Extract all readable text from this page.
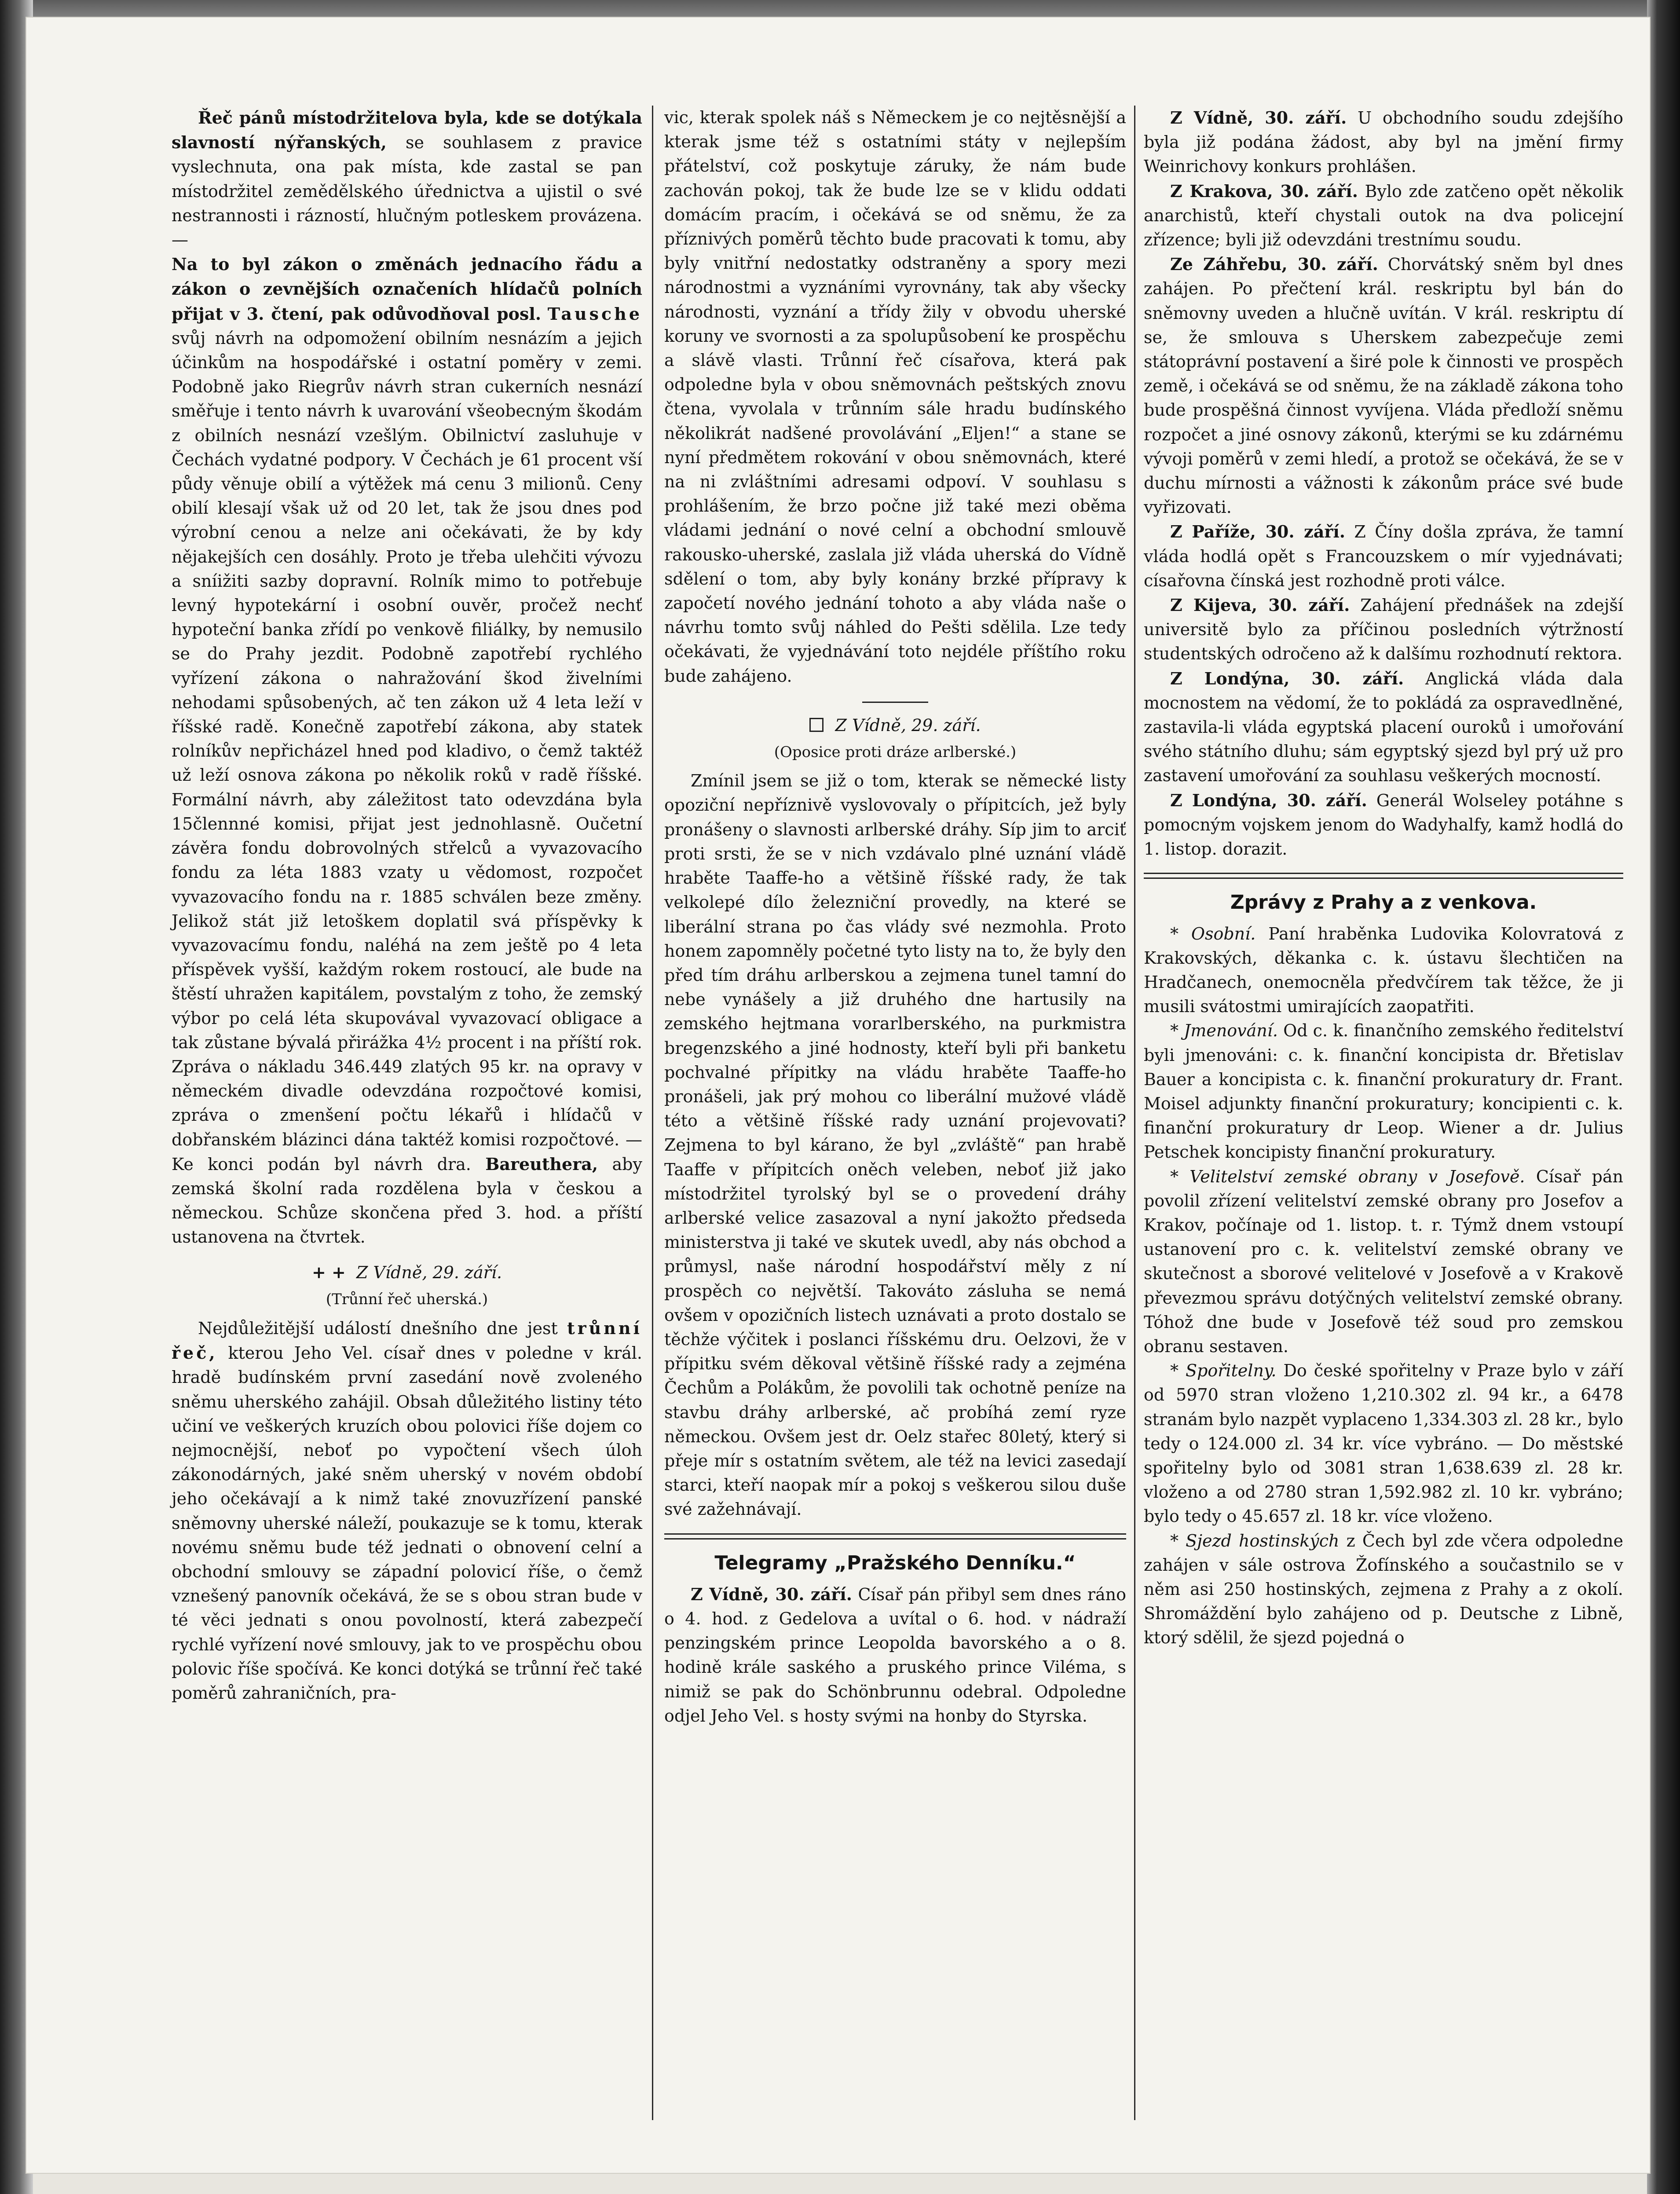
Řeč pánů místodržitelova byla, kde se dotýkala slavností nýřanských, se souhlasem z pravice vyslechnuta, ona pak místa, kde zastal se pan místodržitel zemědělského úřednictva a ujistil o své nestrannosti i rázností, hlučným potleskem provázena. —

Na to byl zákon o změnách jednacího řádu a zákon o zevnějších označeních hlídačů polních přijat v 3. čtení, pak odůvodňoval posl. Tausche svůj návrh na odpomožení obilním nesnázím a jejich účinkům na hospodářské i ostatní poměry v zemi. Podobně jako Riegrův návrh stran cukerních nesnází směřuje i tento návrh k uvarování všeobecným škodám z obilních nesnází vzešlým. Obilnictví zasluhuje v Čechách vydatné podpory. V Čechách je 61 procent vší půdy věnuje obilí a výtěžek má cenu 3 milionů. Ceny obilí klesají však už od 20 let, tak že jsou dnes pod výrobní cenou a nelze ani očekávati, že by kdy nějakejších cen dosáhly. Proto je třeba ulehčiti vývozu a sníižiti sazby dopravní. Rolník mimo to potřebuje levný hypotekární i osobní ouvěr, pročež nechť hypoteční banka zřídí po venkově filiálky, by nemusilo se do Prahy jezdit. Podobně zapotřebí rychlého vyřízení zákona o nahražování škod živelními nehodami spůsobených, ač ten zákon už 4 leta leží v říšské radě. Konečně zapotřebí zákona, aby statek rolníkův nepřicházel hned pod kladivo, o čemž taktéž už leží osnova zákona po několik roků v radě říšské. Formální návrh, aby záležitost tato odevzdána byla 15člennné komisi, přijat jest jednohlasně. Oučetní závěra fondu dobrovolných střelců a vyvazovacího fondu za léta 1883 vzaty u vědomost, rozpočet vyvazovacího fondu na r. 1885 schválen beze změny. Jelikož stát již letoškem doplatil svá příspěvky k vyvazovacímu fondu, naléhá na zem ještě po 4 leta příspěvek vyšší, každým rokem rostoucí, ale bude na štěstí uhražen kapitálem, povstalým z toho, že zemský výbor po celá léta skupovával vyvazovací obligace a tak zůstane bývalá přirážka 4½ procent i na příští rok. Zpráva o nákladu 346.449 zlatých 95 kr. na opravy v německém divadle odevzdána rozpočtové komisi, zpráva o zmenšení počtu lékařů i hlídačů v dobřanském blázinci dána taktéž komisi rozpočtové. — Ke konci podán byl návrh dra. Bareuthera, aby zemská školní rada rozdělena byla v českou a německou. Schůze skončena před 3. hod. a příští ustanovena na čtvrtek.

+ + Z Vídně, 29. září.
(Trůnní řeč uherská.)

Nejdůležitější událostí dnešního dne jest trůnní řeč, kterou Jeho Vel. císař dnes v poledne v král. hradě budínském první zasedání nově zvoleného sněmu uherského zahájil. Obsah důležitého listiny této učiní ve veškerých kruzích obou polovici říše dojem co nejmocnější, neboť po vypočtení všech úloh zákonodárných, jaké sněm uherský v novém období jeho očekávají a k nimž také znovuzřízení panské sněmovny uherské náleží, poukazuje se k tomu, kterak novému sněmu bude též jednati o obnovení celní a obchodní smlouvy se západní polovicí říše, o čemž vznešený panovník očekává, že se s obou stran bude v té věci jednati s onou povolností, která zabezpečí rychlé vyřízení nové smlouvy, jak to ve prospěchu obou polovic říše spočívá. Ke konci dotýká se trůnní řeč také poměrů zahraničních, pra-

vic, kterak spolek náš s Německem je co nejtěsnější a kterak jsme též s ostatními státy v nejlepším přátelství, což poskytuje záruky, že nám bude zachován pokoj, tak že bude lze se v klidu oddati domácím pracím, i očekává se od sněmu, že za příznivých poměrů těchto bude pracovati k tomu, aby byly vnitřní nedostatky odstraněny a spory mezi národnostmi a vyznáními vyrovnány, tak aby všecky národnosti, vyznání a třídy žily v obvodu uherské koruny ve svornosti a za spolupůsobení ke prospěchu a slávě vlasti. Trůnní řeč císařova, která pak odpoledne byla v obou sněmovnách peštských znovu čtena, vyvolala v trůnním sále hradu budínského několikrát nadšené provolávání „Eljen!“ a stane se nyní předmětem rokování v obou sněmovnách, které na ni zvláštními adresami odpoví. V souhlasu s prohlášením, že brzo počne již také mezi oběma vládami jednání o nové celní a obchodní smlouvě rakousko-uherské, zaslala již vláda uherská do Vídně sdělení o tom, aby byly konány brzké přípravy k započetí nového jednání tohoto a aby vláda naše o návrhu tomto svůj náhled do Pešti sdělila. Lze tedy očekávati, že vyjednávání toto nejdéle příštího roku bude zahájeno.

Z Vídně, 29. září.
(Oposice proti dráze arlberské.)

Zmínil jsem se již o tom, kterak se německé listy opoziční nepříznivě vyslovovaly o přípitcích, jež byly pronášeny o slavnosti arlberské dráhy. Síp jim to arciť proti srsti, že se v nich vzdávalo plné uznání vládě hraběte Taaffe-ho a většině říšské rady, že tak velkolepé dílo železniční provedly, na které se liberální strana po čas vlády své nezmohla. Proto honem zapomněly početné tyto listy na to, že byly den před tím dráhu arlberskou a zejmena tunel tamní do nebe vynášely a již druhého dne hartusily na zemského hejtmana vorarlberského, na purkmistra bregenzského a jiné hodnosty, kteří byli při banketu pochvalné přípitky na vládu hraběte Taaffe-ho pronášeli, jak prý mohou co liberální mužové vládě této a většině říšské rady uznání projevovati? Zejmena to byl kárano, že byl „zvláště“ pan hrabě Taaffe v přípitcích oněch veleben, neboť již jako místodržitel tyrolský byl se o provedení dráhy arlberské velice zasazoval a nyní jakožto předseda ministerstva ji také ve skutek uvedl, aby nás obchod a průmysl, naše národní hospodářství měly z ní prospěch co největší. Takováto zásluha se nemá ovšem v opozičních listech uznávati a proto dostalo se těchže výčitek i poslanci říšskému dru. Oelzovi, že v přípitku svém děkoval většině říšské rady a zejména Čechům a Polákům, že povolili tak ochotně peníze na stavbu dráhy arlberské, ač probíhá zemí ryze německou. Ovšem jest dr. Oelz stařec 80letý, který si přeje mír s ostatním světem, ale též na levici zasedají starci, kteří naopak mír a pokoj s veškerou silou duše své zažehnávají.

Telegramy „Pražského Denníku.“

Z Vídně, 30. září. Císař pán přibyl sem dnes ráno o 4. hod. z Gedelova a uvítal o 6. hod. v nádraží penzingském prince Leopolda bavorského a o 8. hodině krále saského a pruského prince Viléma, s nimiž se pak do Schönbrunnu odebral. Odpoledne odjel Jeho Vel. s hosty svými na honby do Styrska.

Z Vídně, 30. září. U obchodního soudu zdejšího byla již podána žádost, aby byl na jmění firmy Weinrichovy konkurs prohlášen.

Z Krakova, 30. září. Bylo zde zatčeno opět několik anarchistů, kteří chystali outok na dva policejní zřízence; byli již odevzdáni trestnímu soudu.

Ze Záhřebu, 30. září. Chorvátský sněm byl dnes zahájen. Po přečtení král. reskriptu byl bán do sněmovny uveden a hlučně uvítán. V král. reskriptu dí se, že smlouva s Uherskem zabezpečuje zemi státoprávní postavení a širé pole k činnosti ve prospěch země, i očekává se od sněmu, že na základě zákona toho bude prospěšná činnost vyvíjena. Vláda předloží sněmu rozpočet a jiné osnovy zákonů, kterými se ku zdárnému vývoji poměrů v zemi hledí, a protož se očekává, že se v duchu mírnosti a vážnosti k zákonům práce své bude vyřizovati.

Z Paříže, 30. září. Z Číny došla zpráva, že tamní vláda hodlá opět s Francouzskem o mír vyjednávati; císařovna čínská jest rozhodně proti válce.

Z Kijeva, 30. září. Zahájení přednášek na zdejší universitě bylo za příčinou posledních výtržností studentských odročeno až k dalšímu rozhodnutí rektora.

Z Londýna, 30. září. Anglická vláda dala mocnostem na vědomí, že to pokládá za ospravedlněné, zastavila-li vláda egyptská placení ouroků i umořování svého státního dluhu; sám egyptský sjezd byl prý už pro zastavení umořování za souhlasu veškerých mocností.

Z Londýna, 30. září. Generál Wolseley potáhne s pomocným vojskem jenom do Wadyhalfy, kamž hodlá do 1. listop. dorazit.

Zprávy z Prahy a z venkova.

* Osobní. Paní hraběnka Ludovika Kolovratová z Krakovských, děkanka c. k. ústavu šlechtičen na Hradčanech, onemocněla předvčírem tak těžce, že ji musili svátostmi umirajících zaopatřiti.

* Jmenování. Od c. k. finančního zemského ředitelství byli jmenováni: c. k. finanční koncipista dr. Břetislav Bauer a koncipista c. k. finanční prokuratury dr. Frant. Moisel adjunkty finanční prokuratury; koncipienti c. k. finanční prokuratury dr Leop. Wiener a dr. Julius Petschek koncipisty finanční prokuratury.

* Velitelství zemské obrany v Josefově. Císař pán povolil zřízení velitelství zemské obrany pro Josefov a Krakov, počínaje od 1. listop. t. r. Týmž dnem vstoupí ustanovení pro c. k. velitelství zemské obrany ve skutečnost a sborové velitelové v Josefově a v Krakově převezmou správu dotýčných velitelství zemské obrany. Tóhož dne bude v Josefově též soud pro zemskou obranu sestaven.

* Spořitelny. Do české spořitelny v Praze bylo v září od 5970 stran vloženo 1,210.302 zl. 94 kr., a 6478 stranám bylo nazpět vyplaceno 1,334.303 zl. 28 kr., bylo tedy o 124.000 zl. 34 kr. více vybráno. — Do městské spořitelny bylo od 3081 stran 1,638.639 zl. 28 kr. vloženo a od 2780 stran 1,592.982 zl. 10 kr. vybráno; bylo tedy o 45.657 zl. 18 kr. více vloženo.

* Sjezd hostinských z Čech byl zde včera odpoledne zahájen v sále ostrova Žofínského a součastnilo se v něm asi 250 hostinských, zejmena z Prahy a z okolí. Shromáždění bylo zahájeno od p. Deutsche z Libně, ktorý sdělil, že sjezd pojedná o
